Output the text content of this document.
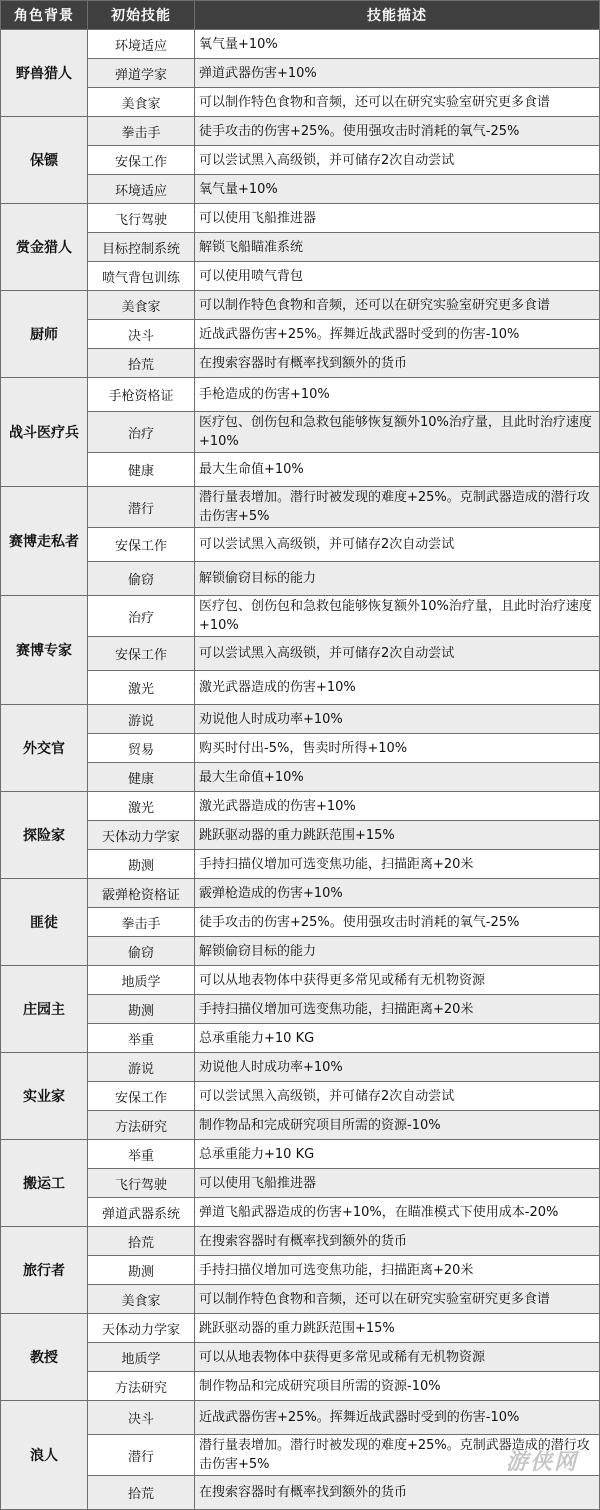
角色背景	初始技能	技能描述
野兽猎人	环境适应	氧气量+10%
	弹道学家	弹道武器伤害+10%
	美食家	可以制作特色食物和音频，还可以在研究实验室研究更多食谱
保镖	拳击手	徒手攻击的伤害+25%。使用强攻击时消耗的氧气-25%
	安保工作	可以尝试黑入高级锁，并可储存2次自动尝试
	环境适应	氧气量+10%
赏金猎人	飞行驾驶	可以使用飞船推进器
	目标控制系统	解锁飞船瞄准系统
	喷气背包训练	可以使用喷气背包
厨师	美食家	可以制作特色食物和音频，还可以在研究实验室研究更多食谱
	决斗	近战武器伤害+25%。挥舞近战武器时受到的伤害-10%
	拾荒	在搜索容器时有概率找到额外的货币
战斗医疗兵	手枪资格证	手枪造成的伤害+10%
	治疗	医疗包、创伤包和急救包能够恢复额外10%治疗量，且此时治疗速度+10%
	健康	最大生命值+10%
赛博走私者	潜行	潜行量表增加。潜行时被发现的难度+25%。克制武器造成的潜行攻击伤害+5%
	安保工作	可以尝试黑入高级锁，并可储存2次自动尝试
	偷窃	解锁偷窃目标的能力
赛博专家	治疗	医疗包、创伤包和急救包能够恢复额外10%治疗量，且此时治疗速度+10%
	安保工作	可以尝试黑入高级锁，并可储存2次自动尝试
	激光	激光武器造成的伤害+10%
外交官	游说	劝说他人时成功率+10%
	贸易	购买时付出-5%，售卖时所得+10%
	健康	最大生命值+10%
探险家	激光	激光武器造成的伤害+10%
	天体动力学家	跳跃驱动器的重力跳跃范围+15%
	勘测	手持扫描仪增加可选变焦功能，扫描距离+20米
匪徒	霰弹枪资格证	霰弹枪造成的伤害+10%
	拳击手	徒手攻击的伤害+25%。使用强攻击时消耗的氧气-25%
	偷窃	解锁偷窃目标的能力
庄园主	地质学	可以从地表物体中获得更多常见或稀有无机物资源
	勘测	手持扫描仪增加可选变焦功能，扫描距离+20米
	举重	总承重能力+10 KG
实业家	游说	劝说他人时成功率+10%
	安保工作	可以尝试黑入高级锁，并可储存2次自动尝试
	方法研究	制作物品和完成研究项目所需的资源-10%
搬运工	举重	总承重能力+10 KG
	飞行驾驶	可以使用飞船推进器
	弹道武器系统	弹道飞船武器造成的伤害+10%，在瞄准模式下使用成本-20%
旅行者	拾荒	在搜索容器时有概率找到额外的货币
	勘测	手持扫描仪增加可选变焦功能，扫描距离+20米
	美食家	可以制作特色食物和音频，还可以在研究实验室研究更多食谱
教授	天体动力学家	跳跃驱动器的重力跳跃范围+15%
	地质学	可以从地表物体中获得更多常见或稀有无机物资源
	方法研究	制作物品和完成研究项目所需的资源-10%
浪人	决斗	近战武器伤害+25%。挥舞近战武器时受到的伤害-10%
	潜行	潜行量表增加。潜行时被发现的难度+25%。克制武器造成的潜行攻击伤害+5%
	拾荒	在搜索容器时有概率找到额外的货币
游侠网
